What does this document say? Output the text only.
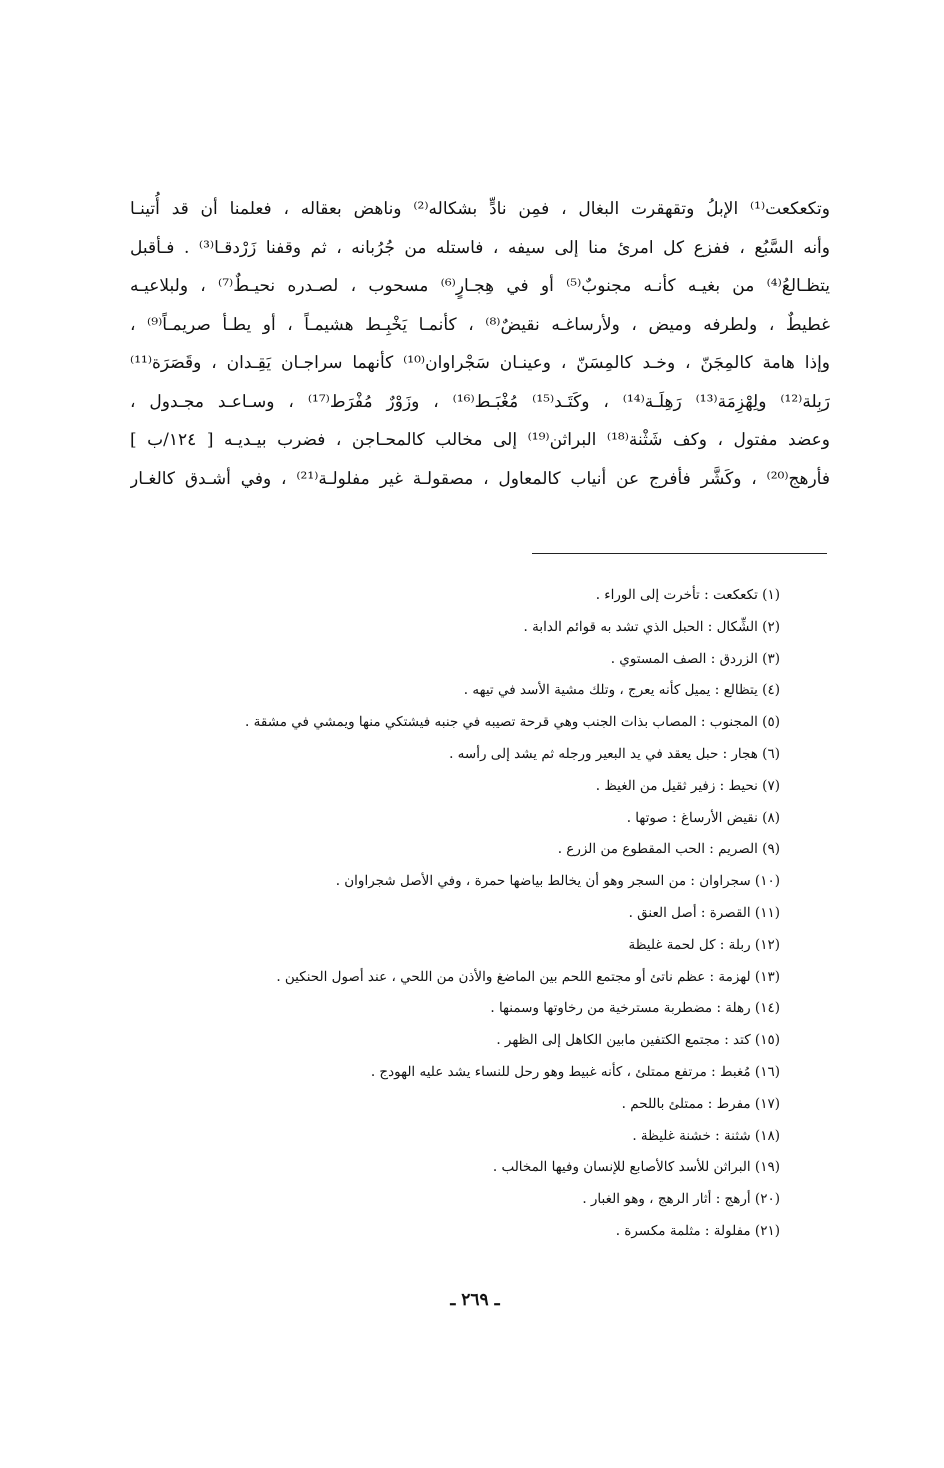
وتكعكعت⁽¹⁾ الإبلُ وتقهقرت البغال ، فمِن نادٍّ بشكاله⁽²⁾ وناهض بعقاله ، فعلمنا أن قد أُتينـا
وأنه السَّبُع ، ففزع كل امرئ منا إلى سيفه ، فاستله من جُرُبانه ، ثم وقفنا زَرْدقـا⁽³⁾ . فـأقبل
يتظـالعُ⁽⁴⁾ من بغيـه كأنـه مجنوبٌ⁽⁵⁾ أو في هِجـارٍ⁽⁶⁾ مسحوب ، لصـدره نحيـطٌ⁽⁷⁾ ، ولبلاعيـه
غطيطٌ ، ولطرفه وميض ، ولأرساغـه نقيضٌ⁽⁸⁾ ، كأنمـا يَخْبِـط هشيمـاً ، أو يطـأ صريمـاً⁽⁹⁾ ،
وإذا هامة كالمِجَنّ ، وخـد كالمِسَنّ ، وعينـان سَجْراوان⁽¹⁰⁾ كأنهما سراجـان يَقِـدان ، وقَصَرَة⁽¹¹⁾
رَبِلة⁽¹²⁾ ولِهْزِمَة⁽¹³⁾ رَهِلَـة⁽¹⁴⁾ ، وكَتَـد⁽¹⁵⁾ مُغْبَـط⁽¹⁶⁾ ، وزَوْرٌ مُفْرَط⁽¹⁷⁾ ، وسـاعـد مجـدول ،
وعضد مفتول ، وكف شَثْنة⁽¹⁸⁾ البراثن⁽¹⁹⁾ إلى مخالب كالمحـاجن ، فضرب بيـديـه [ ١٢٤/ب ]
فأرهج⁽²⁰⁾ ، وكَشَّر فأفرج عن أنياب كالمعاول ، مصقولـة غير مفلولـة⁽²¹⁾ ، وفي أشـدق كالغـار
(١) تكعكعت : تأخرت إلى الوراء .
(٢) الشِّكال : الحبل الذي تشد به قوائم الدابة .
(٣) الزردق : الصف المستوي .
(٤) يتظالع : يميل كأنه يعرج ، وتلك مشية الأسد في تيهه .
(٥) المجنوب : المصاب بذات الجنب وهي قرحة تصيبه في جنبه فيشتكي منها ويمشي في مشقة .
(٦) هجار : حبل يعقد في يد البعير ورجله ثم يشد إلى رأسه .
(٧) نحيط : زفير ثقيل من الغيظ .
(٨) نقيض الأرساغ : صوتها .
(٩) الصريم : الحب المقطوع من الزرع .
(١٠) سجراوان : من السجر وهو أن يخالط بياضها حمرة ، وفي الأصل شجراوان .
(١١) القصرة : أصل العنق .
(١٢) ربلة : كل لحمة غليظة
(١٣) لهزمة : عظم ناتئ أو مجتمع اللحم بين الماضغ والأذن من اللحي ، عند أصول الحنكين .
(١٤) رهلة : مضطربة مسترخية من رخاوتها وسمنها .
(١٥) كتد : مجتمع الكتفين مابين الكاهل إلى الظهر .
(١٦) مُغبط : مرتفع ممتلئ ، كأنه غبيط وهو رحل للنساء يشد عليه الهودج .
(١٧) مفرط : ممتلئ باللحم .
(١٨) شثنة : خشنة غليظة .
(١٩) البراثن للأسد كالأصابع للإنسان وفيها المخالب .
(٢٠) أرهج : أثار الرهج ، وهو الغبار .
(٢١) مفلولة : مثلمة مكسرة .
ـ ٢٦٩ ـ
